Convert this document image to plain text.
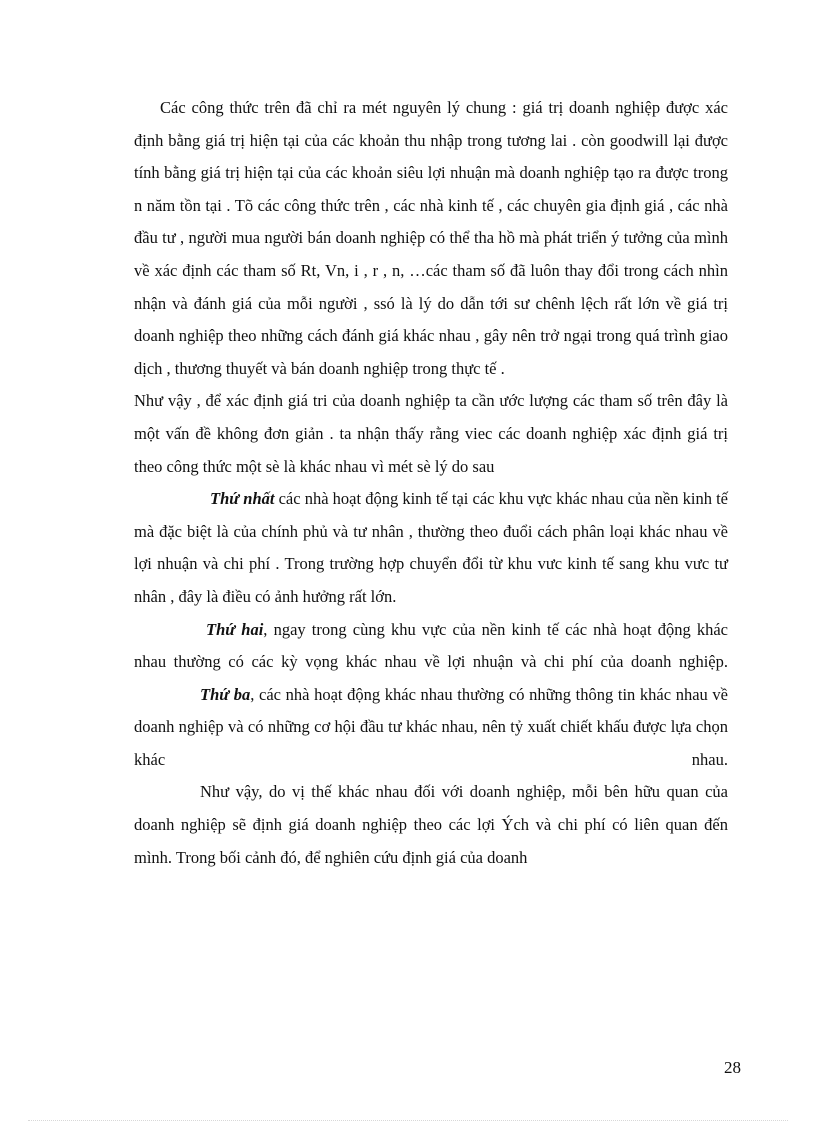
Các công thức trên đã chỉ ra mét nguyên lý chung : giá trị doanh nghiệp được xác định bằng giá trị hiện tại của các khoản thu nhập trong tương lai . còn goodwill lại được tính bằng giá trị hiện tại của các khoản siêu lợi nhuận mà doanh nghiệp tạo ra được trong n năm tồn tại . Tõ các công thức trên , các nhà kinh tế , các chuyên gia định giá , các nhà đầu tư , người mua người bán doanh nghiệp có thể tha hồ mà phát triển ý tưởng của mình về xác định các tham số Rt, Vn, i , r , n, …các tham số đã luôn thay đổi trong cách nhìn nhận và đánh giá của mỗi người , ssó là lý do dẫn tới sư chênh lệch rất lớn về giá trị doanh nghiệp theo những cách đánh giá khác nhau , gây nên trở ngại trong quá trình giao dịch , thương thuyết và bán doanh nghiệp trong thực tế .

Như vậy , để xác định giá tri của doanh nghiệp ta cần ước lượng các tham số trên đây là một vấn đề không đơn giản . ta nhận thấy rằng viec các doanh nghiệp xác định giá trị theo công thức một sè là khác nhau vì mét sè lý do sau

Thứ nhất các nhà hoạt động kinh tế tại các khu vực khác nhau của nền kinh tế mà đặc biệt là của chính phủ và tư nhân , thường theo đuổi cách phân loại khác nhau về lợi nhuận và chi phí . Trong trường hợp chuyển đổi từ khu vưc kinh tế sang khu vưc tư nhân , đây là điều có ảnh hưởng rất lớn.

Thứ hai, ngay trong cùng khu vực của nền kinh tế các nhà hoạt động khác nhau thường có các kỳ vọng khác nhau về lợi nhuận và chi phí của doanh nghiệp.

Thứ ba, các nhà hoạt động khác nhau thường có những thông tin khác nhau về doanh nghiệp và có những cơ hội đầu tư khác nhau, nên tỷ xuất chiết khấu được lựa chọn khác nhau.

Như vậy, do vị thế khác nhau đối với doanh nghiệp, mỗi bên hữu quan của doanh nghiệp sẽ định giá doanh nghiệp theo các lợi Ých và chi phí có liên quan đến mình. Trong bối cảnh đó, để nghiên cứu định giá của doanh

28
